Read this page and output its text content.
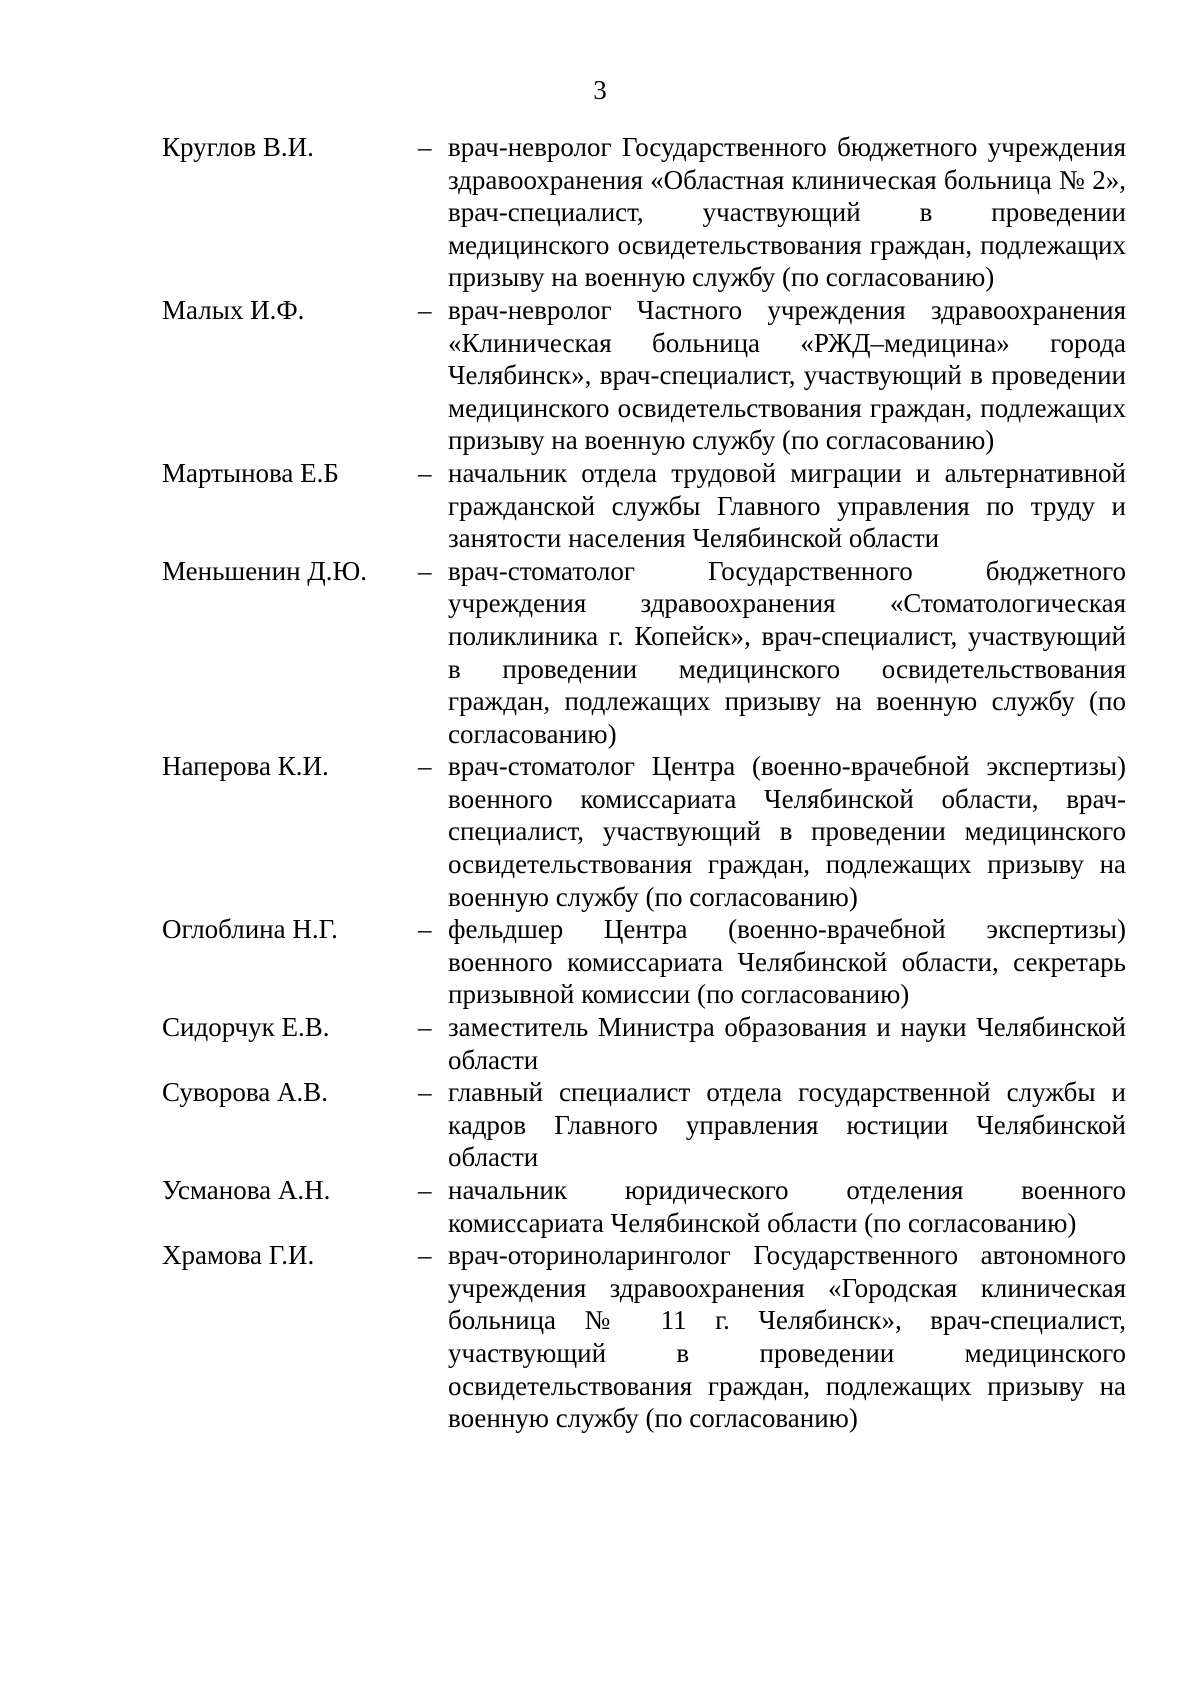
3
Круглов В.И.	– врач-невролог Государственного бюджетного учреждения здравоохранения «Областная клиническая больница № 2», врач-специалист, участвующий в проведении медицинского освидетельствования граждан, подлежащих призыву на военную службу (по согласованию)
Малых И.Ф.	– врач-невролог Частного учреждения здравоохранения «Клиническая больница «РЖД–медицина» города Челябинск», врач-специалист, участвующий в проведении медицинского освидетельствования граждан, подлежащих призыву на военную службу (по согласованию)
Мартынова Е.Б	– начальник отдела трудовой миграции и альтернативной гражданской службы Главного управления по труду и занятости населения Челябинской области
Меньшенин Д.Ю.	– врач-стоматолог Государственного бюджетного учреждения здравоохранения «Стоматологическая поликлиника г. Копейск», врач-специалист, участвующий в проведении медицинского освидетельствования граждан, подлежащих призыву на военную службу (по согласованию)
Наперова К.И.	– врач-стоматолог Центра (военно-врачебной экспертизы) военного комиссариата Челябинской области, врач-специалист, участвующий в проведении медицинского освидетельствования граждан, подлежащих призыву на военную службу (по согласованию)
Оглоблина Н.Г.	– фельдшер Центра (военно-врачебной экспертизы) военного комиссариата Челябинской области, секретарь призывной комиссии (по согласованию)
Сидорчук Е.В.	– заместитель Министра образования и науки Челябинской области
Суворова А.В.	– главный специалист отдела государственной службы и кадров Главного управления юстиции Челябинской области
Усманова А.Н.	– начальник юридического отделения военного комиссариата Челябинской области (по согласованию)
Храмова Г.И.	– врач-оториноларинголог Государственного автономного учреждения здравоохранения «Городская клиническая больница № 11 г. Челябинск», врач-специалист, участвующий в проведении медицинского освидетельствования граждан, подлежащих призыву на военную службу (по согласованию)
